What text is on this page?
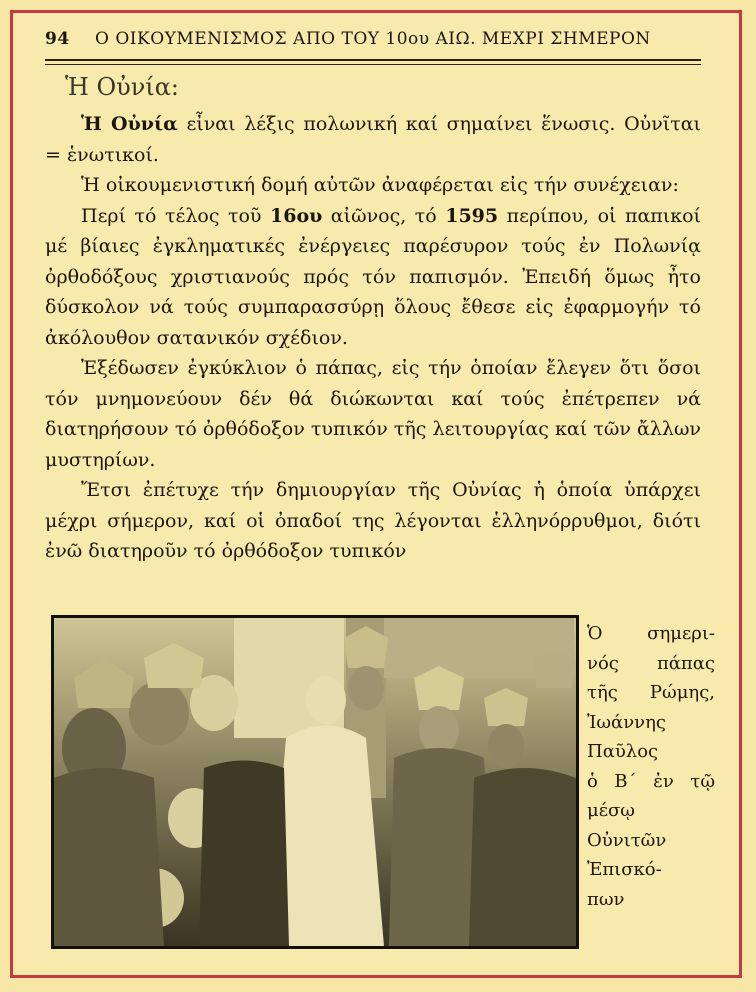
94	Ο ΟΙΚΟΥΜΕΝΙΣΜΟΣ ΑΠΟ ΤΟΥ 10ου ΑΙΩ. ΜΕΧΡΙ ΣΗΜΕΡΟΝ
Ἡ Οὐνία:

Ἡ Οὐνία εἶναι λέξις πολωνική καί σημαίνει ἕνωσις. Οὐνῖται = ἑνωτικοί.

Ἡ οἰκουμενιστική δομή αὐτῶν ἀναφέρεται εἰς τήν συνέχειαν:

Περί τό τέλος τοῦ 16ου αἰῶνος, τό 1595 περίπου, οἱ παπικοί μέ βίαιες ἐγκληματικές ἐνέργειες παρέσυρον τούς ἐν Πολωνίᾳ ὀρθοδόξους χριστιανούς πρός τόν παπισμόν. Ἐπειδή ὅμως ἦτο δύσκολον νά τούς συμπαρασσύρῃ ὅλους ἔθεσε εἰς ἐφαρμογήν τό ἀκόλουθον σατανικόν σχέδιον.

Ἐξέδωσεν ἐγκύκλιον ὁ πάπας, εἰς τήν ὁποίαν ἔλεγεν ὅτι ὅσοι τόν μνημονεύουν δέν θά διώκωνται καί τούς ἐπέτρεπεν νά διατηρήσουν τό ὀρθόδοξον τυπικόν τῆς λειτουργίας καί τῶν ἄλλων μυστηρίων.

Ἔτσι ἐπέτυχε τήν δημιουργίαν τῆς Οὐνίας ἡ ὁποία ὑπάρχει μέχρι σήμερον, καί οἱ ὀπαδοί της λέγονται ἑλληνόρρυθμοι, διότι ἐνῶ διατηροῦν τό ὀρθόδοξον τυπικόν

Ὁ σημερι-
νός πάπας
τῆς Ρώμης,
Ἰωάννης
Παῦλος
ὁ Β΄ ἐν τῷ
μέσῳ
Οὐνιτῶν
Ἐπισκό-
πων
